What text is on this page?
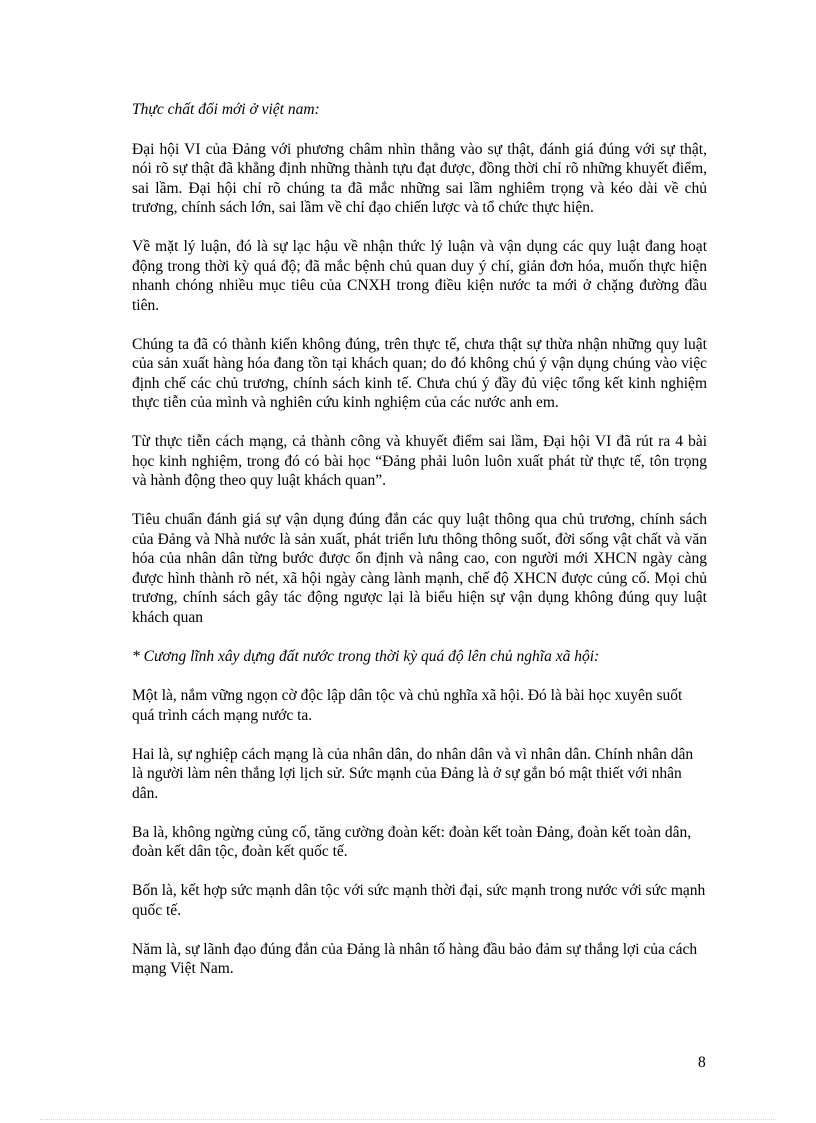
Thực chất đổi mới ở việt nam:

Đại hội VI của Đảng với phương châm nhìn thẳng vào sự thật, đánh giá đúng với sự thật, nói rõ sự thật đã khẳng định những thành tựu đạt được, đồng thời chỉ rõ những khuyết điểm, sai lầm. Đại hội chỉ rõ chúng ta đã mắc những sai lầm nghiêm trọng và kéo dài về chủ trương, chính sách lớn, sai lầm về chỉ đạo chiến lược và tổ chức thực hiện.

Về mặt lý luận, đó là sự lạc hậu về nhận thức lý luận và vận dụng các quy luật đang hoạt động trong thời kỳ quá độ; đã mắc bệnh chủ quan duy ý chí, giản đơn hóa, muốn thực hiện nhanh chóng nhiều mục tiêu của CNXH trong điều kiện nước ta mới ở chặng đường đầu tiên.

Chúng ta đã có thành kiến không đúng, trên thực tế, chưa thật sự thừa nhận những quy luật của sản xuất hàng hóa đang tồn tại khách quan; do đó không chú ý vận dụng chúng vào việc định chế các chủ trương, chính sách kinh tế. Chưa chú ý đầy đủ việc tổng kết kinh nghiệm thực tiễn của mình và nghiên cứu kinh nghiệm của các nước anh em.

Từ thực tiễn cách mạng, cả thành công và khuyết điểm sai lầm, Đại hội VI đã rút ra 4 bài học kinh nghiệm, trong đó có bài học “Đảng phải luôn luôn xuất phát từ thực tế, tôn trọng và hành động theo quy luật khách quan”.

Tiêu chuẩn đánh giá sự vận dụng đúng đắn các quy luật thông qua chủ trương, chính sách của Đảng và Nhà nước là sản xuất, phát triển lưu thông thông suốt, đời sống vật chất và văn hóa của nhân dân từng bước được ổn định và nâng cao, con người mới XHCN ngày càng được hình thành rõ nét, xã hội ngày càng lành mạnh, chế độ XHCN được củng cố. Mọi chủ trương, chính sách gây tác động ngược lại là biểu hiện sự vận dụng không đúng quy luật khách quan

* Cương lĩnh xây dựng đất nước trong thời kỳ quá độ lên chủ nghĩa xã hội:

Một là, nắm vững ngọn cờ độc lập dân tộc và chủ nghĩa xã hội. Đó là bài học xuyên suốt quá trình cách mạng nước ta.

Hai là, sự nghiệp cách mạng là của nhân dân, do nhân dân và vì nhân dân. Chính nhân dân là người làm nên thắng lợi lịch sử. Sức mạnh của Đảng là ở sự gắn bó mật thiết với nhân dân.

Ba là, không ngừng củng cố, tăng cường đoàn kết: đoàn kết toàn Đảng, đoàn kết toàn dân, đoàn kết dân tộc, đoàn kết quốc tế.

Bốn là, kết hợp sức mạnh dân tộc với sức mạnh thời đại, sức mạnh trong nước với sức mạnh quốc tế.

Năm là, sự lãnh đạo đúng đắn của Đảng là nhân tố hàng đầu bảo đảm sự thắng lợi của cách mạng Việt Nam.

8
